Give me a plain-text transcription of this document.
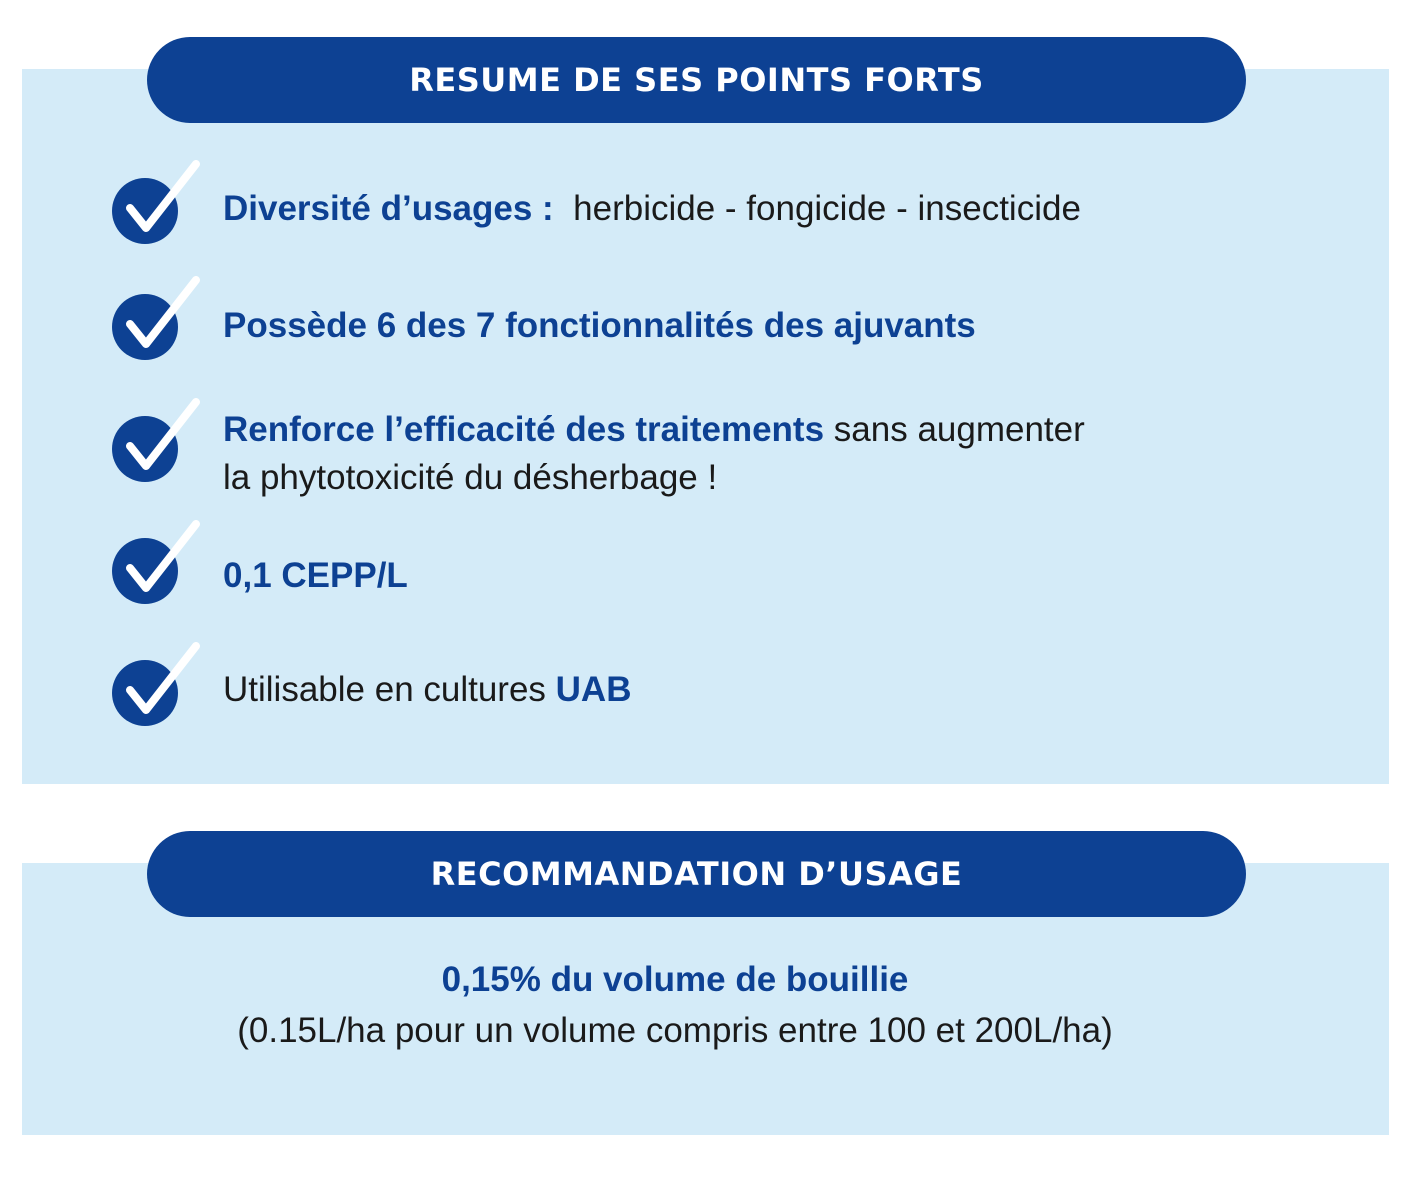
RESUME DE SES POINTS FORTS
Diversité d’usages :  herbicide - fongicide - insecticide
Possède 6 des 7 fonctionnalités des ajuvants
Renforce l’efficacité des traitements sans augmenter
la phytotoxicité du désherbage !
0,1 CEPP/L
Utilisable en cultures UAB
RECOMMANDATION D’USAGE
0,15% du volume de bouillie
(0.15L/ha pour un volume compris entre 100 et 200L/ha)
